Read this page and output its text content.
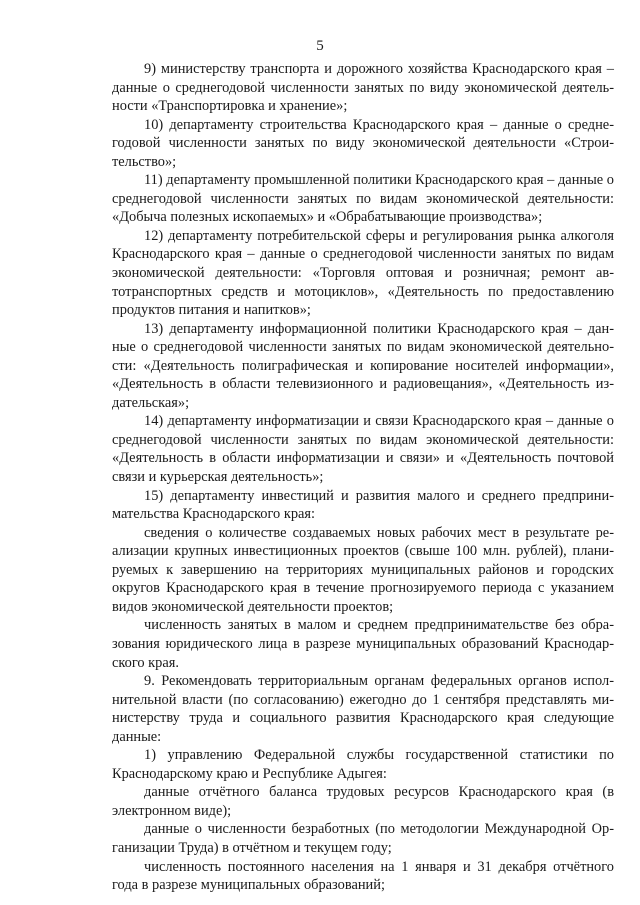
5

9) министерству транспорта и дорожного хозяйства Краснодарского края – данные о среднегодовой численности занятых по виду экономической деятельности «Транспортировка и хранение»;

10) департаменту строительства Краснодарского края – данные о среднегодовой численности занятых по виду экономической деятельности «Строительство»;

11) департаменту промышленной политики Краснодарского края – данные о среднегодовой численности занятых по видам экономической деятельности: «Добыча полезных ископаемых» и «Обрабатывающие производства»;

12) департаменту потребительской сферы и регулирования рынка алкоголя Краснодарского края – данные о среднегодовой численности занятых по видам экономической деятельности: «Торговля оптовая и розничная; ремонт автотранспортных средств и мотоциклов», «Деятельность по предоставлению продуктов питания и напитков»;

13) департаменту информационной политики Краснодарского края – данные о среднегодовой численности занятых по видам экономической деятельности: «Деятельность полиграфическая и копирование носителей информации», «Деятельность в области телевизионного и радиовещания», «Деятельность издательская»;

14) департаменту информатизации и связи Краснодарского края – данные о среднегодовой численности занятых по видам экономической деятельности: «Деятельность в области информатизации и связи» и «Деятельность почтовой связи и курьерская деятельность»;

15) департаменту инвестиций и развития малого и среднего предпринимательства Краснодарского края:

сведения о количестве создаваемых новых рабочих мест в результате реализации крупных инвестиционных проектов (свыше 100 млн. рублей), планируемых к завершению на территориях муниципальных районов и городских округов Краснодарского края в течение прогнозируемого периода с указанием видов экономической деятельности проектов;

численность занятых в малом и среднем предпринимательстве без образования юридического лица в разрезе муниципальных образований Краснодарского края.

9. Рекомендовать территориальным органам федеральных органов исполнительной власти (по согласованию) ежегодно до 1 сентября представлять министерству труда и социального развития Краснодарского края следующие данные:

1) управлению Федеральной службы государственной статистики по Краснодарскому краю и Республике Адыгея:

данные отчётного баланса трудовых ресурсов Краснодарского края (в электронном виде);

данные о численности безработных (по методологии Международной Организации Труда) в отчётном и текущем году;

численность постоянного населения на 1 января и 31 декабря отчётного года в разрезе муниципальных образований;
